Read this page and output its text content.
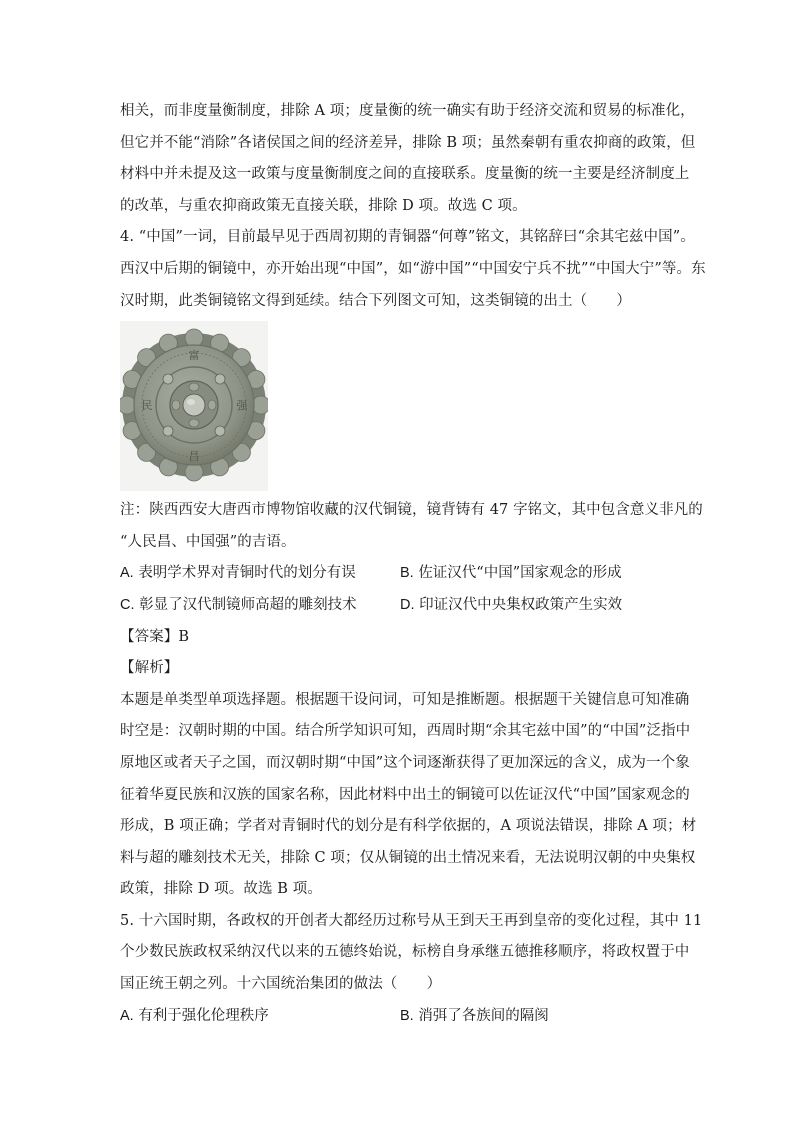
相关，而非度量衡制度，排除 A 项；度量衡的统一确实有助于经济交流和贸易的标准化，

但它并不能“消除”各诸侯国之间的经济差异，排除 B 项；虽然秦朝有重农抑商的政策，但

材料中并未提及这一政策与度量衡制度之间的直接联系。度量衡的统一主要是经济制度上

的改革，与重农抑商政策无直接关联，排除 D 项。故选 C 项。

4. “中国”一词，目前最早见于西周初期的青铜器“何尊”铭文，其铭辞曰“余其宅兹中国”。

西汉中后期的铜镜中，亦开始出现“中国”，如“游中国”“中国安宁兵不扰”“中国大宁”等。东

汉时期，此类铜镜铭文得到延续。结合下列图文可知，这类铜镜的出土（　　）

富
昌
强
民

注：陕西西安大唐西市博物馆收藏的汉代铜镜，镜背铸有 47 字铭文，其中包含意义非凡的

“人民昌、中国强”的吉语。

A. 表明学术界对青铜时代的划分有误	B. 佐证汉代“中国”国家观念的形成
C. 彰显了汉代制镜师高超的雕刻技术	D. 印证汉代中央集权政策产生实效

【答案】B

【解析】

本题是单类型单项选择题。根据题干设问词，可知是推断题。根据题干关键信息可知准确

时空是：汉朝时期的中国。结合所学知识可知，西周时期“余其宅兹中国”的“中国”泛指中

原地区或者天子之国，而汉朝时期“中国”这个词逐渐获得了更加深远的含义，成为一个象

征着华夏民族和汉族的国家名称，因此材料中出土的铜镜可以佐证汉代“中国”国家观念的

形成，B 项正确；学者对青铜时代的划分是有科学依据的，A 项说法错误，排除 A 项；材

料与超的雕刻技术无关，排除 C 项；仅从铜镜的出土情况来看，无法说明汉朝的中央集权

政策，排除 D 项。故选 B 项。

5. 十六国时期，各政权的开创者大都经历过称号从王到天王再到皇帝的变化过程，其中 11

个少数民族政权采纳汉代以来的五德终始说，标榜自身承继五德推移顺序，将政权置于中

国正统王朝之列。十六国统治集团的做法（　　）

A. 有利于强化伦理秩序	B. 消弭了各族间的隔阂
